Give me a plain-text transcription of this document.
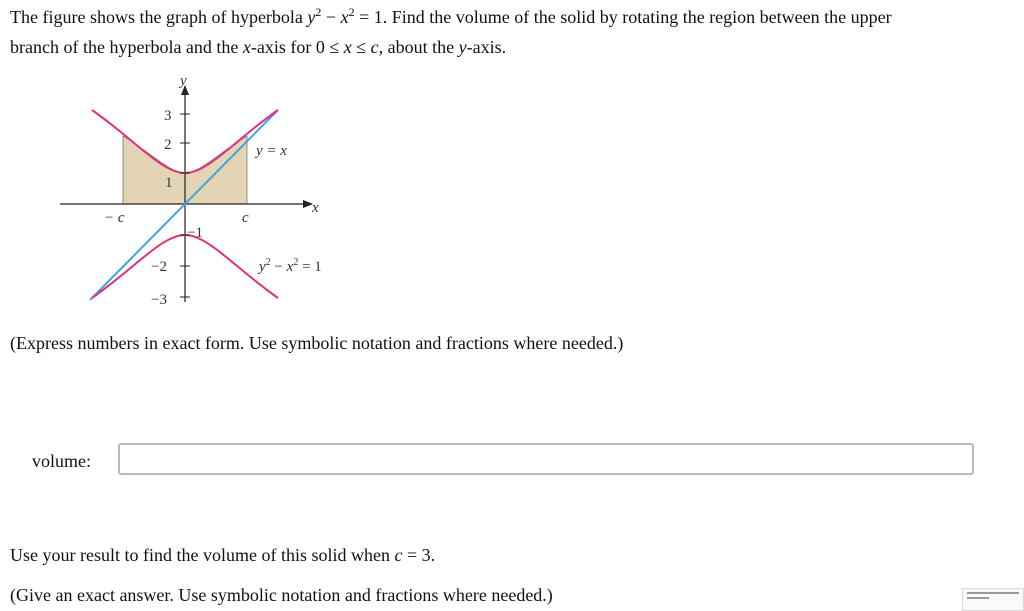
The figure shows the graph of hyperbola $y^2 - x^2 = 1$. Find the volume of the solid by rotating the region between the upper
branch of the hyperbola and the x-axis for 0 ≤ x ≤ c, about the y-axis.
y
x
3
2
1
−1
−2
−3
− c	c
y = x
$y^2 - x^2 = 1$
(Express numbers in exact form. Use symbolic notation and fractions where needed.)
volume:
Use your result to find the volume of this solid when c = 3.
(Give an exact answer. Use symbolic notation and fractions where needed.)
